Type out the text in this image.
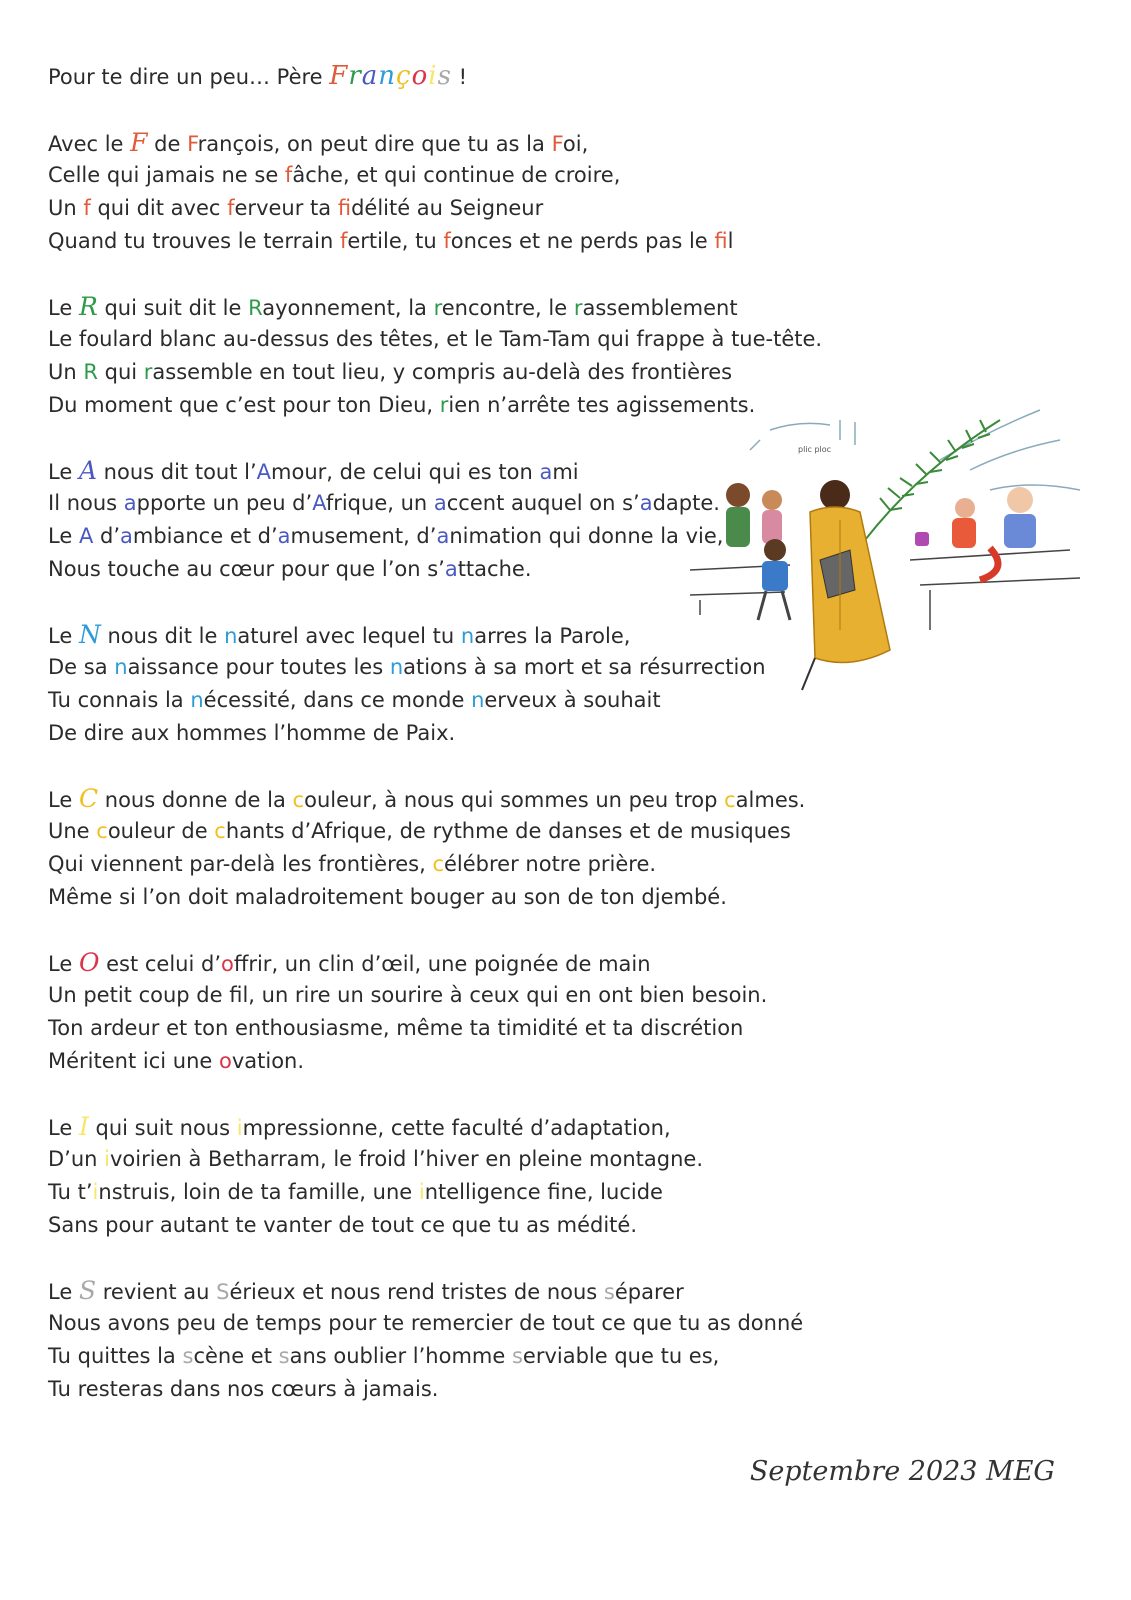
Pour te dire un peu… Père François !
Avec le F de François, on peut dire que tu as la Foi,
Celle qui jamais ne se fâche, et qui continue de croire,
Un f qui dit avec ferveur ta fidélité au Seigneur
Quand tu trouves le terrain fertile, tu fonces et ne perds pas le fil
Le R qui suit dit le Rayonnement, la rencontre, le rassemblement
Le foulard blanc au-dessus des têtes, et le Tam-Tam qui frappe à tue-tête.
Un R qui rassemble en tout lieu, y compris au-delà des frontières
Du moment que c’est pour ton Dieu, rien n’arrête tes agissements.
Le A nous dit tout l’Amour, de celui qui es ton ami
Il nous apporte un peu d’Afrique, un accent auquel on s’adapte.
Le A d’ambiance et d’amusement, d’animation qui donne la vie,
Nous touche au cœur pour que l’on s’attache.
Le N nous dit le naturel avec lequel tu narres la Parole,
De sa naissance pour toutes les nations à sa mort et sa résurrection
Tu connais la nécessité, dans ce monde nerveux à souhait
De dire aux hommes l’homme de Paix.
Le C nous donne de la couleur, à nous qui sommes un peu trop calmes.
Une couleur de chants d’Afrique, de rythme de danses et de musiques
Qui viennent par-delà les frontières, célébrer notre prière.
Même si l’on doit maladroitement bouger au son de ton djembé.
Le O est celui d’offrir, un clin d’œil, une poignée de main
Un petit coup de fil, un rire un sourire à ceux qui en ont bien besoin.
Ton ardeur et ton enthousiasme, même ta timidité et ta discrétion
Méritent ici une ovation.
Le I qui suit nous impressionne, cette faculté d’adaptation,
D’un ivoirien à Betharram, le froid l’hiver en pleine montagne.
Tu t’instruis, loin de ta famille, une intelligence fine, lucide
Sans pour autant te vanter de tout ce que tu as médité.
Le S revient au Sérieux et nous rend tristes de nous séparer
Nous avons peu de temps pour te remercier de tout ce que tu as donné
Tu quittes la scène et sans oublier l’homme serviable que tu es,
Tu resteras dans nos cœurs à jamais.
plic ploc
Septembre 2023 MEG
